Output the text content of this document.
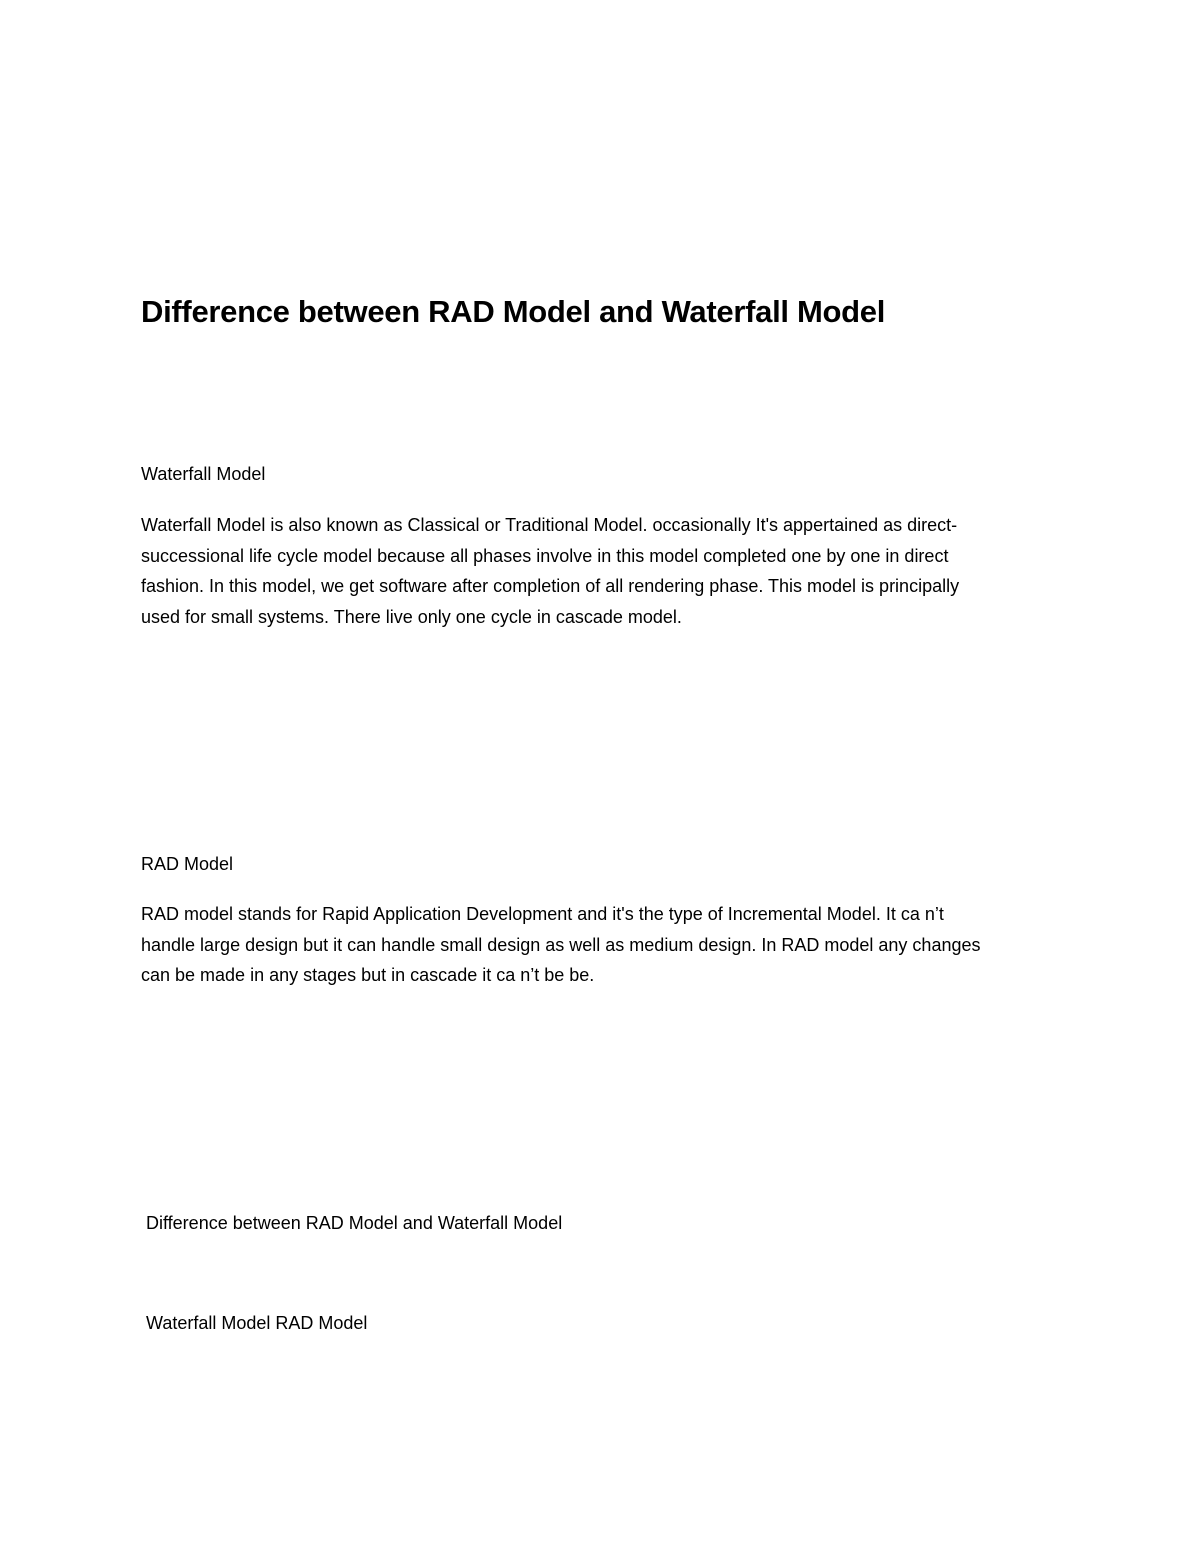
Difference between RAD Model and Waterfall Model
Waterfall Model
Waterfall Model is also known as Classical or Traditional Model. occasionally It's appertained as direct-
successional life cycle model because all phases involve in this model completed one by one in direct
fashion. In this model, we get software after completion of all rendering phase. This model is principally
used for small systems. There live only one cycle in cascade model.
RAD Model
RAD model stands for Rapid Application Development and it's the type of Incremental Model. It ca n’t
handle large design but it can handle small design as well as medium design. In RAD model any changes
can be made in any stages but in cascade it ca n’t be be.
Difference between RAD Model and Waterfall Model
Waterfall Model RAD Model
